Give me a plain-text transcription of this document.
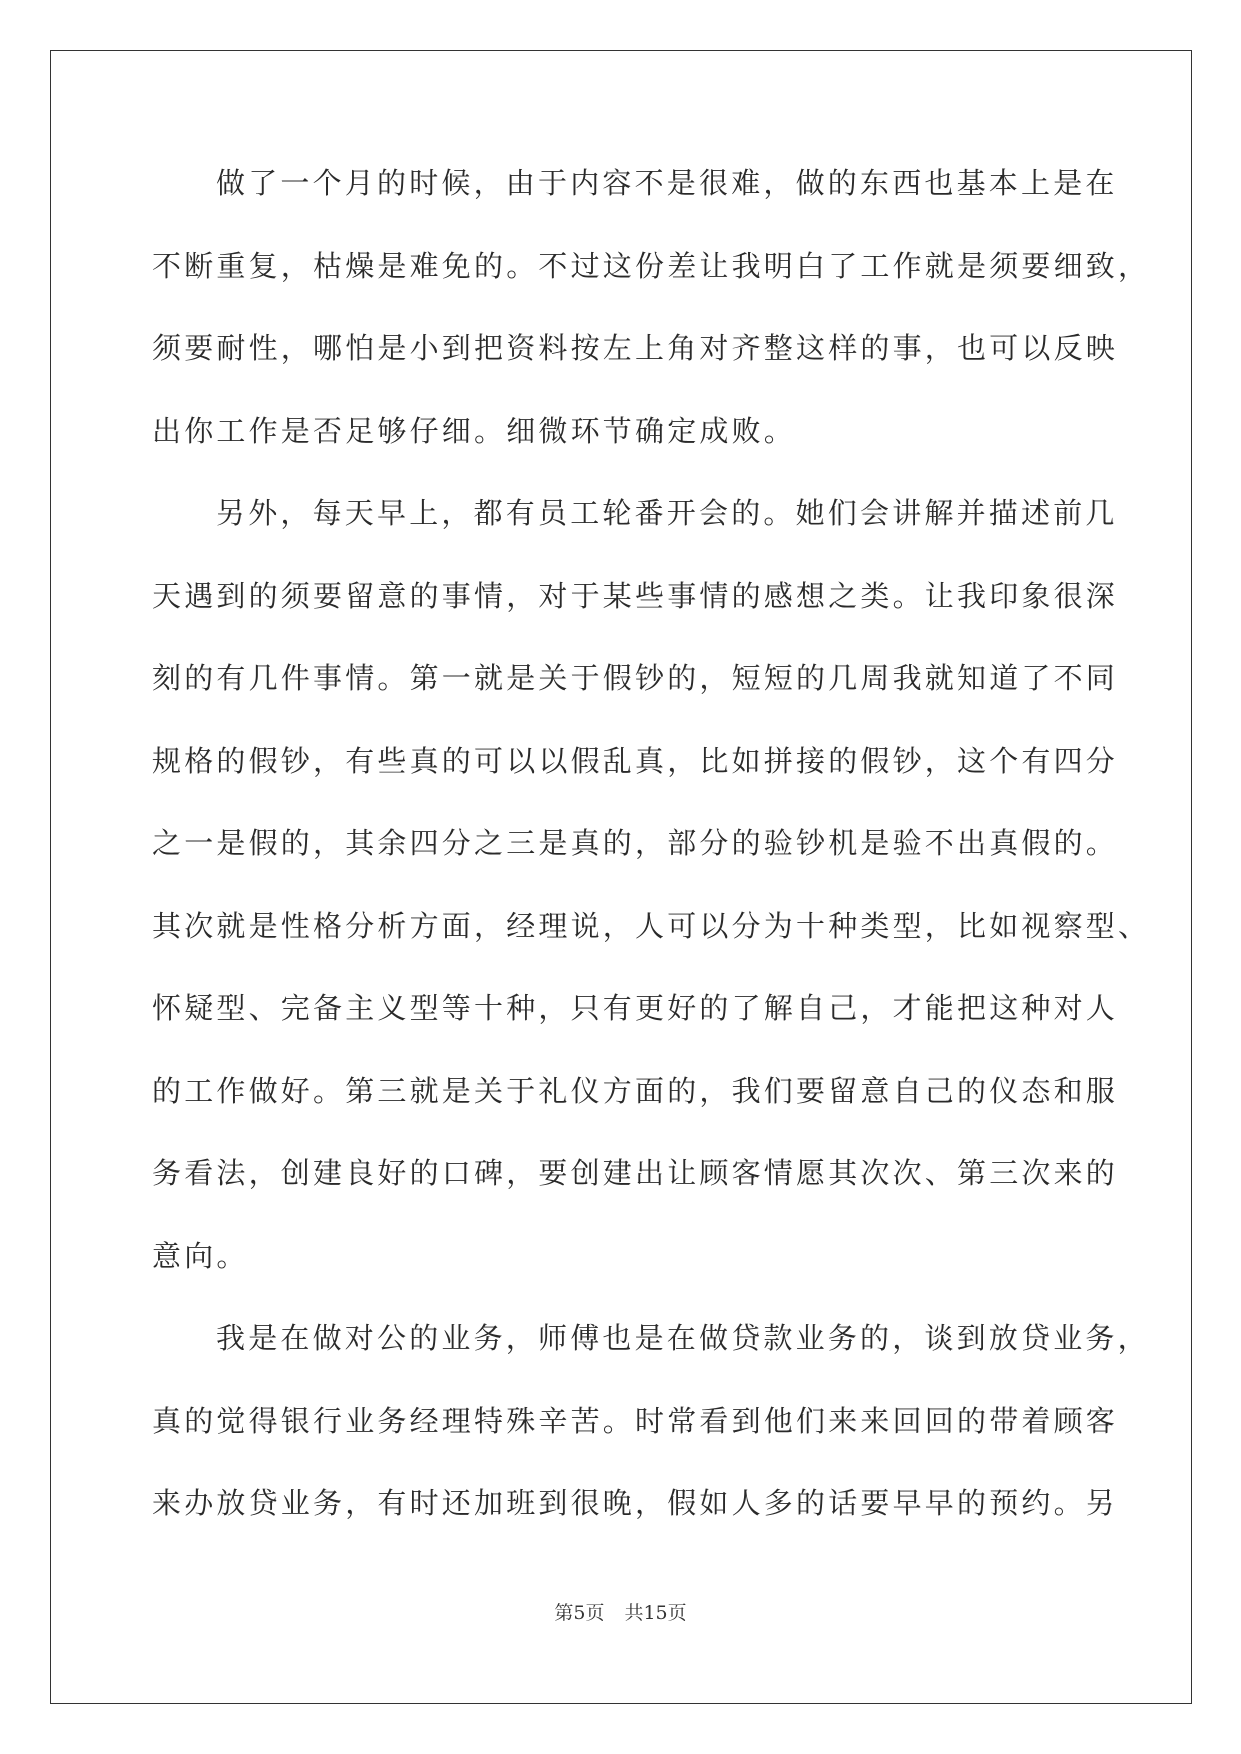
做了一个月的时候，由于内容不是很难，做的东西也基本上是在
不断重复，枯燥是难免的。不过这份差让我明白了工作就是须要细致，
须要耐性，哪怕是小到把资料按左上角对齐整这样的事，也可以反映
出你工作是否足够仔细。细微环节确定成败。
另外，每天早上，都有员工轮番开会的。她们会讲解并描述前几
天遇到的须要留意的事情，对于某些事情的感想之类。让我印象很深
刻的有几件事情。第一就是关于假钞的，短短的几周我就知道了不同
规格的假钞，有些真的可以以假乱真，比如拼接的假钞，这个有四分
之一是假的，其余四分之三是真的，部分的验钞机是验不出真假的。
其次就是性格分析方面，经理说，人可以分为十种类型，比如视察型、
怀疑型、完备主义型等十种，只有更好的了解自己，才能把这种对人
的工作做好。第三就是关于礼仪方面的，我们要留意自己的仪态和服
务看法，创建良好的口碑，要创建出让顾客情愿其次次、第三次来的
意向。
我是在做对公的业务，师傅也是在做贷款业务的，谈到放贷业务，
真的觉得银行业务经理特殊辛苦。时常看到他们来来回回的带着顾客
来办放贷业务，有时还加班到很晚，假如人多的话要早早的预约。另
第5页 共15页
